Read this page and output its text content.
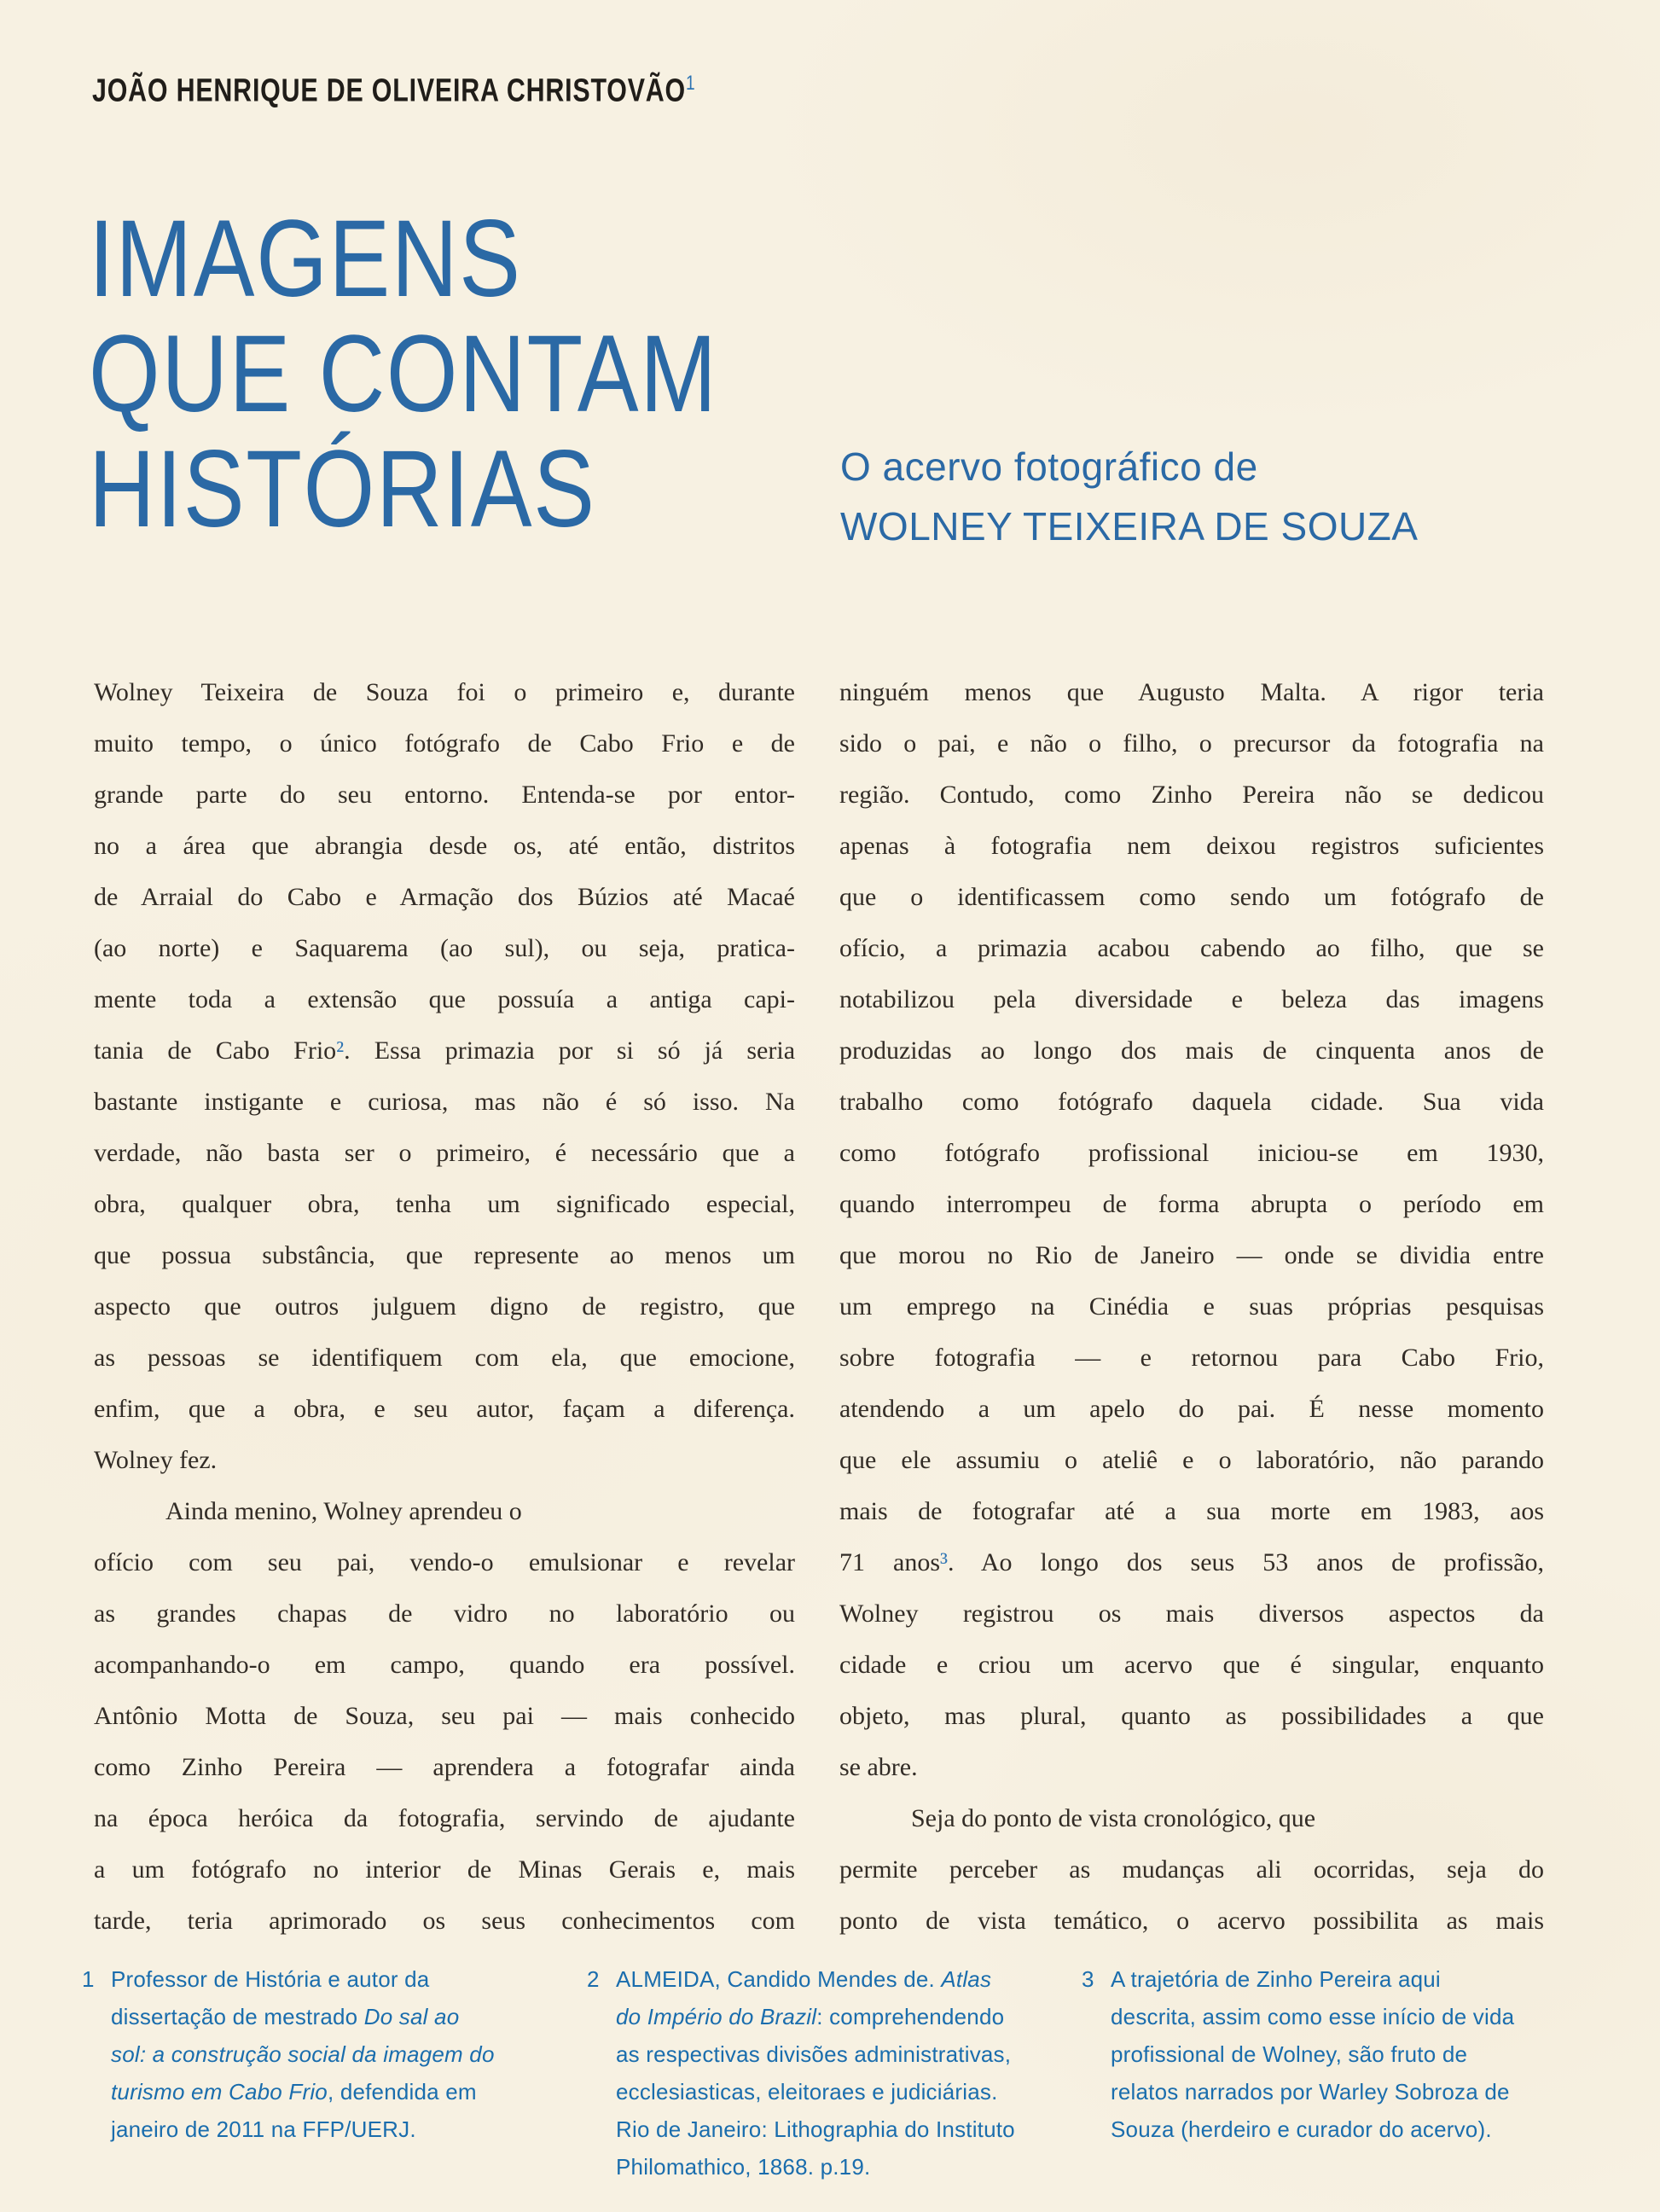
JOÃO HENRIQUE DE OLIVEIRA CHRISTOVÃO$^1$
IMAGENS
QUE CONTAM
HISTÓRIAS	O acervo fotográfico de
WOLNEY TEIXEIRA DE SOUZA
Wolney Teixeira de Souza foi o primeiro e, durante
muito tempo, o único fotógrafo de Cabo Frio e de
grande parte do seu entorno. Entenda-se por entor-
no a área que abrangia desde os, até então, distritos
de Arraial do Cabo e Armação dos Búzios até Macaé
(ao norte) e Saquarema (ao sul), ou seja, pratica-
mente toda a extensão que possuía a antiga capi-
tania de Cabo Frio². Essa primazia por si só já seria
bastante instigante e curiosa, mas não é só isso. Na
verdade, não basta ser o primeiro, é necessário que a
obra, qualquer obra, tenha um significado especial,
que possua substância, que represente ao menos um
aspecto que outros julguem digno de registro, que
as pessoas se identifiquem com ela, que emocione,
enfim, que a obra, e seu autor, façam a diferença.
Wolney fez.
Ainda menino, Wolney aprendeu o
ofício com seu pai, vendo-o emulsionar e revelar
as grandes chapas de vidro no laboratório ou
acompanhando-o em campo, quando era possível.
Antônio Motta de Souza, seu pai — mais conhecido
como Zinho Pereira — aprendera a fotografar ainda
na época heróica da fotografia, servindo de ajudante
a um fotógrafo no interior de Minas Gerais e, mais
tarde, teria aprimorado os seus conhecimentos com
ninguém menos que Augusto Malta. A rigor teria
sido o pai, e não o filho, o precursor da fotografia na
região. Contudo, como Zinho Pereira não se dedicou
apenas à fotografia nem deixou registros suficientes
que o identificassem como sendo um fotógrafo de
ofício, a primazia acabou cabendo ao filho, que se
notabilizou pela diversidade e beleza das imagens
produzidas ao longo dos mais de cinquenta anos de
trabalho como fotógrafo daquela cidade. Sua vida
como fotógrafo profissional iniciou-se em 1930,
quando interrompeu de forma abrupta o período em
que morou no Rio de Janeiro — onde se dividia entre
um emprego na Cinédia e suas próprias pesquisas
sobre fotografia — e retornou para Cabo Frio,
atendendo a um apelo do pai. É nesse momento
que ele assumiu o ateliê e o laboratório, não parando
mais de fotografar até a sua morte em 1983, aos
71 anos³. Ao longo dos seus 53 anos de profissão,
Wolney registrou os mais diversos aspectos da
cidade e criou um acervo que é singular, enquanto
objeto, mas plural, quanto as possibilidades a que
se abre.
Seja do ponto de vista cronológico, que
permite perceber as mudanças ali ocorridas, seja do
ponto de vista temático, o acervo possibilita as mais
1 Professor de História e autor da
dissertação de mestrado Do sal ao
sol: a construção social da imagem do
turismo em Cabo Frio, defendida em
janeiro de 2011 na FFP/UERJ.
2 ALMEIDA, Candido Mendes de. Atlas
do Império do Brazil: comprehendendo
as respectivas divisões administrativas,
ecclesiasticas, eleitoraes e judiciárias.
Rio de Janeiro: Lithographia do Instituto
Philomathico, 1868. p.19.
3 A trajetória de Zinho Pereira aqui
descrita, assim como esse início de vida
profissional de Wolney, são fruto de
relatos narrados por Warley Sobroza de
Souza (herdeiro e curador do acervo).
